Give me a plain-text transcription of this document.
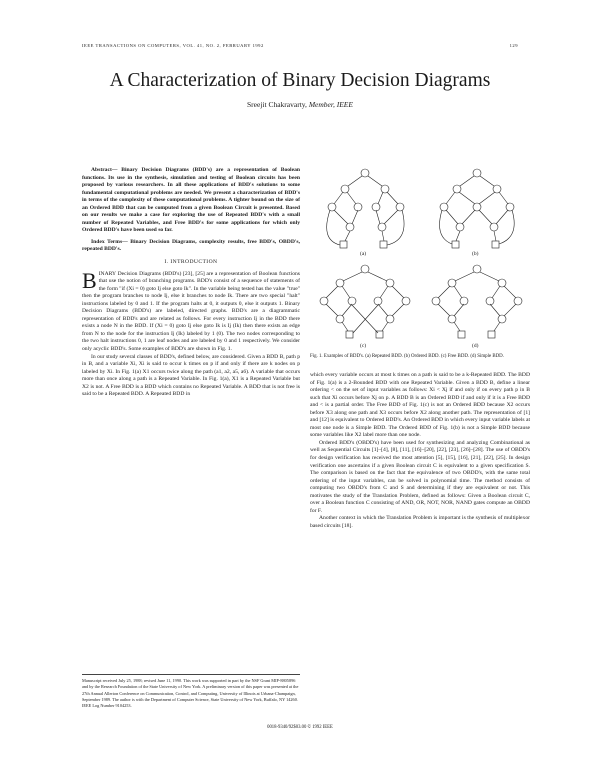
IEEE TRANSACTIONS ON COMPUTERS, VOL. 41, NO. 2, FEBRUARY 1992	129
A Characterization of Binary Decision Diagrams
Sreejit Chakravarty, Member, IEEE

Abstract— Binary Decision Diagrams (BDD's) are a representation of Boolean functions. Its use in the synthesis, simulation and testing of Boolean circuits has been proposed by various researchers. In all these applications of BDD's solutions to some fundamental computational problems are needed. We present a characterization of BDD's in terms of the complexity of these computational problems. A tighter bound on the size of an Ordered BDD that can be computed from a given Boolean Circuit is presented. Based on our results we make a case for exploring the use of Repeated BDD's with a small number of Repeated Variables, and Free BDD's for some applications for which only Ordered BDD's have been used so far.

Index Terms— Binary Decision Diagrams, complexity results, free BDD's, OBDD's, repeated BDD's.

I. INTRODUCTION

BINARY Decision Diagrams (BDD's) [23], [25] are a representation of Boolean functions that use the notion of branching programs. BDD's consist of a sequence of statements of the form "if (Xi = 0) goto Ij else goto Ik". In the variable being tested has the value "true" then the program branches to node Ij, else it branches to node Ik. There are two special "halt" instructions labeled by 0 and 1. If the program halts at 0, it outputs 0, else it outputs 1. Binary Decision Diagrams (BDD's) are labeled, directed graphs. BDD's are a diagrammatic representation of BDD's and are related as follows. For every instruction Ij in the BDD there exists a node N in the BDD. If (Xi = 0) goto Ij else goto Ik is Ij (Ik) then there exists an edge from N to the node for the instruction Ij (Ik) labeled by 1 (0). The two nodes corresponding to the two halt instructions 0, 1 are leaf nodes and are labeled by 0 and 1 respectively. We consider only acyclic BDD's. Some examples of BDD's are shown in Fig. 1.

In our study several classes of BDD's, defined below, are considered. Given a BDD B, path p in B, and a variable Xi, Xi is said to occur k times on p if and only if there are k nodes on p labeled by Xi. In Fig. 1(a) X1 occurs twice along the path (a1, a2, a5, a6). A variable that occurs more than once along a path is a Repeated Variable. In Fig. 1(a), X1 is a Repeated Variable but X2 is not. A Free BDD is a BDD which contains no Repeated Variable. A BDD that is not free is said to be a Repeated BDD. A Repeated BDD in

Manuscript received July 25, 1988; revised June 11, 1990. This work was supported in part by the NSF Grant MIP-8805896 and by the Research Foundation of the State University of New York. A preliminary version of this paper was presented at the 27th Annual Allerton Conference on Communication, Control, and Computing, University of Illinois at Urbana-Champaign, September 1989. The author is with the Department of Computer Science, State University of New York, Buffalo, NY 14260. IEEE Log Number 9104253.
(a)	(b)
(c)	(d)
Fig. 1. Examples of BDD's. (a) Repeated BDD. (b) Ordered BDD. (c) Free BDD. (d) Simple BDD.

which every variable occurs at most k times on a path is said to be a k-Repeated BDD. The BDD of Fig. 1(a) is a 2-Bounded BDD with one Repeated Variable. Given a BDD B, define a linear ordering < on the set of input variables as follows: Xi < Xj if and only if on every path p in B such that Xi occurs before Xj on p. A BDD B is an Ordered BDD if and only if it is a Free BDD and < is a partial order. The Free BDD of Fig. 1(c) is not an Ordered BDD because X2 occurs before X3 along one path and X3 occurs before X2 along another path. The representation of [1] and [12] is equivalent to Ordered BDD's. An Ordered BDD in which every input variable labels at most one node is a Simple BDD. The Ordered BDD of Fig. 1(b) is not a Simple BDD because some variables like X2 label more than one node.

Ordered BDD's (OBDD's) have been used for synthesizing and analyzing Combinational as well as Sequential Circuits [1]–[4], [8], [11], [16]–[20], [22], [23], [26]–[28]. The use of OBDD's for design verification has received the most attention [5], [15], [16], [21], [22], [25]. In design verification one ascertains if a given Boolean circuit C is equivalent to a given specification S. The comparison is based on the fact that the equivalence of two OBDD's, with the same total ordering of the input variables, can be solved in polynomial time. The method consists of computing two OBDD's from C and S and determining if they are equivalent or not. This motivates the study of the Translation Problem, defined as follows: Given a Boolean circuit C, over a Boolean function C consisting of AND, OR, NOT, NOR, NAND gates compute an OBDD for F.

Another context in which the Translation Problem is important is the synthesis of multiplexor based circuits [18].

0018-9340/92$03.00 © 1992 IEEE
